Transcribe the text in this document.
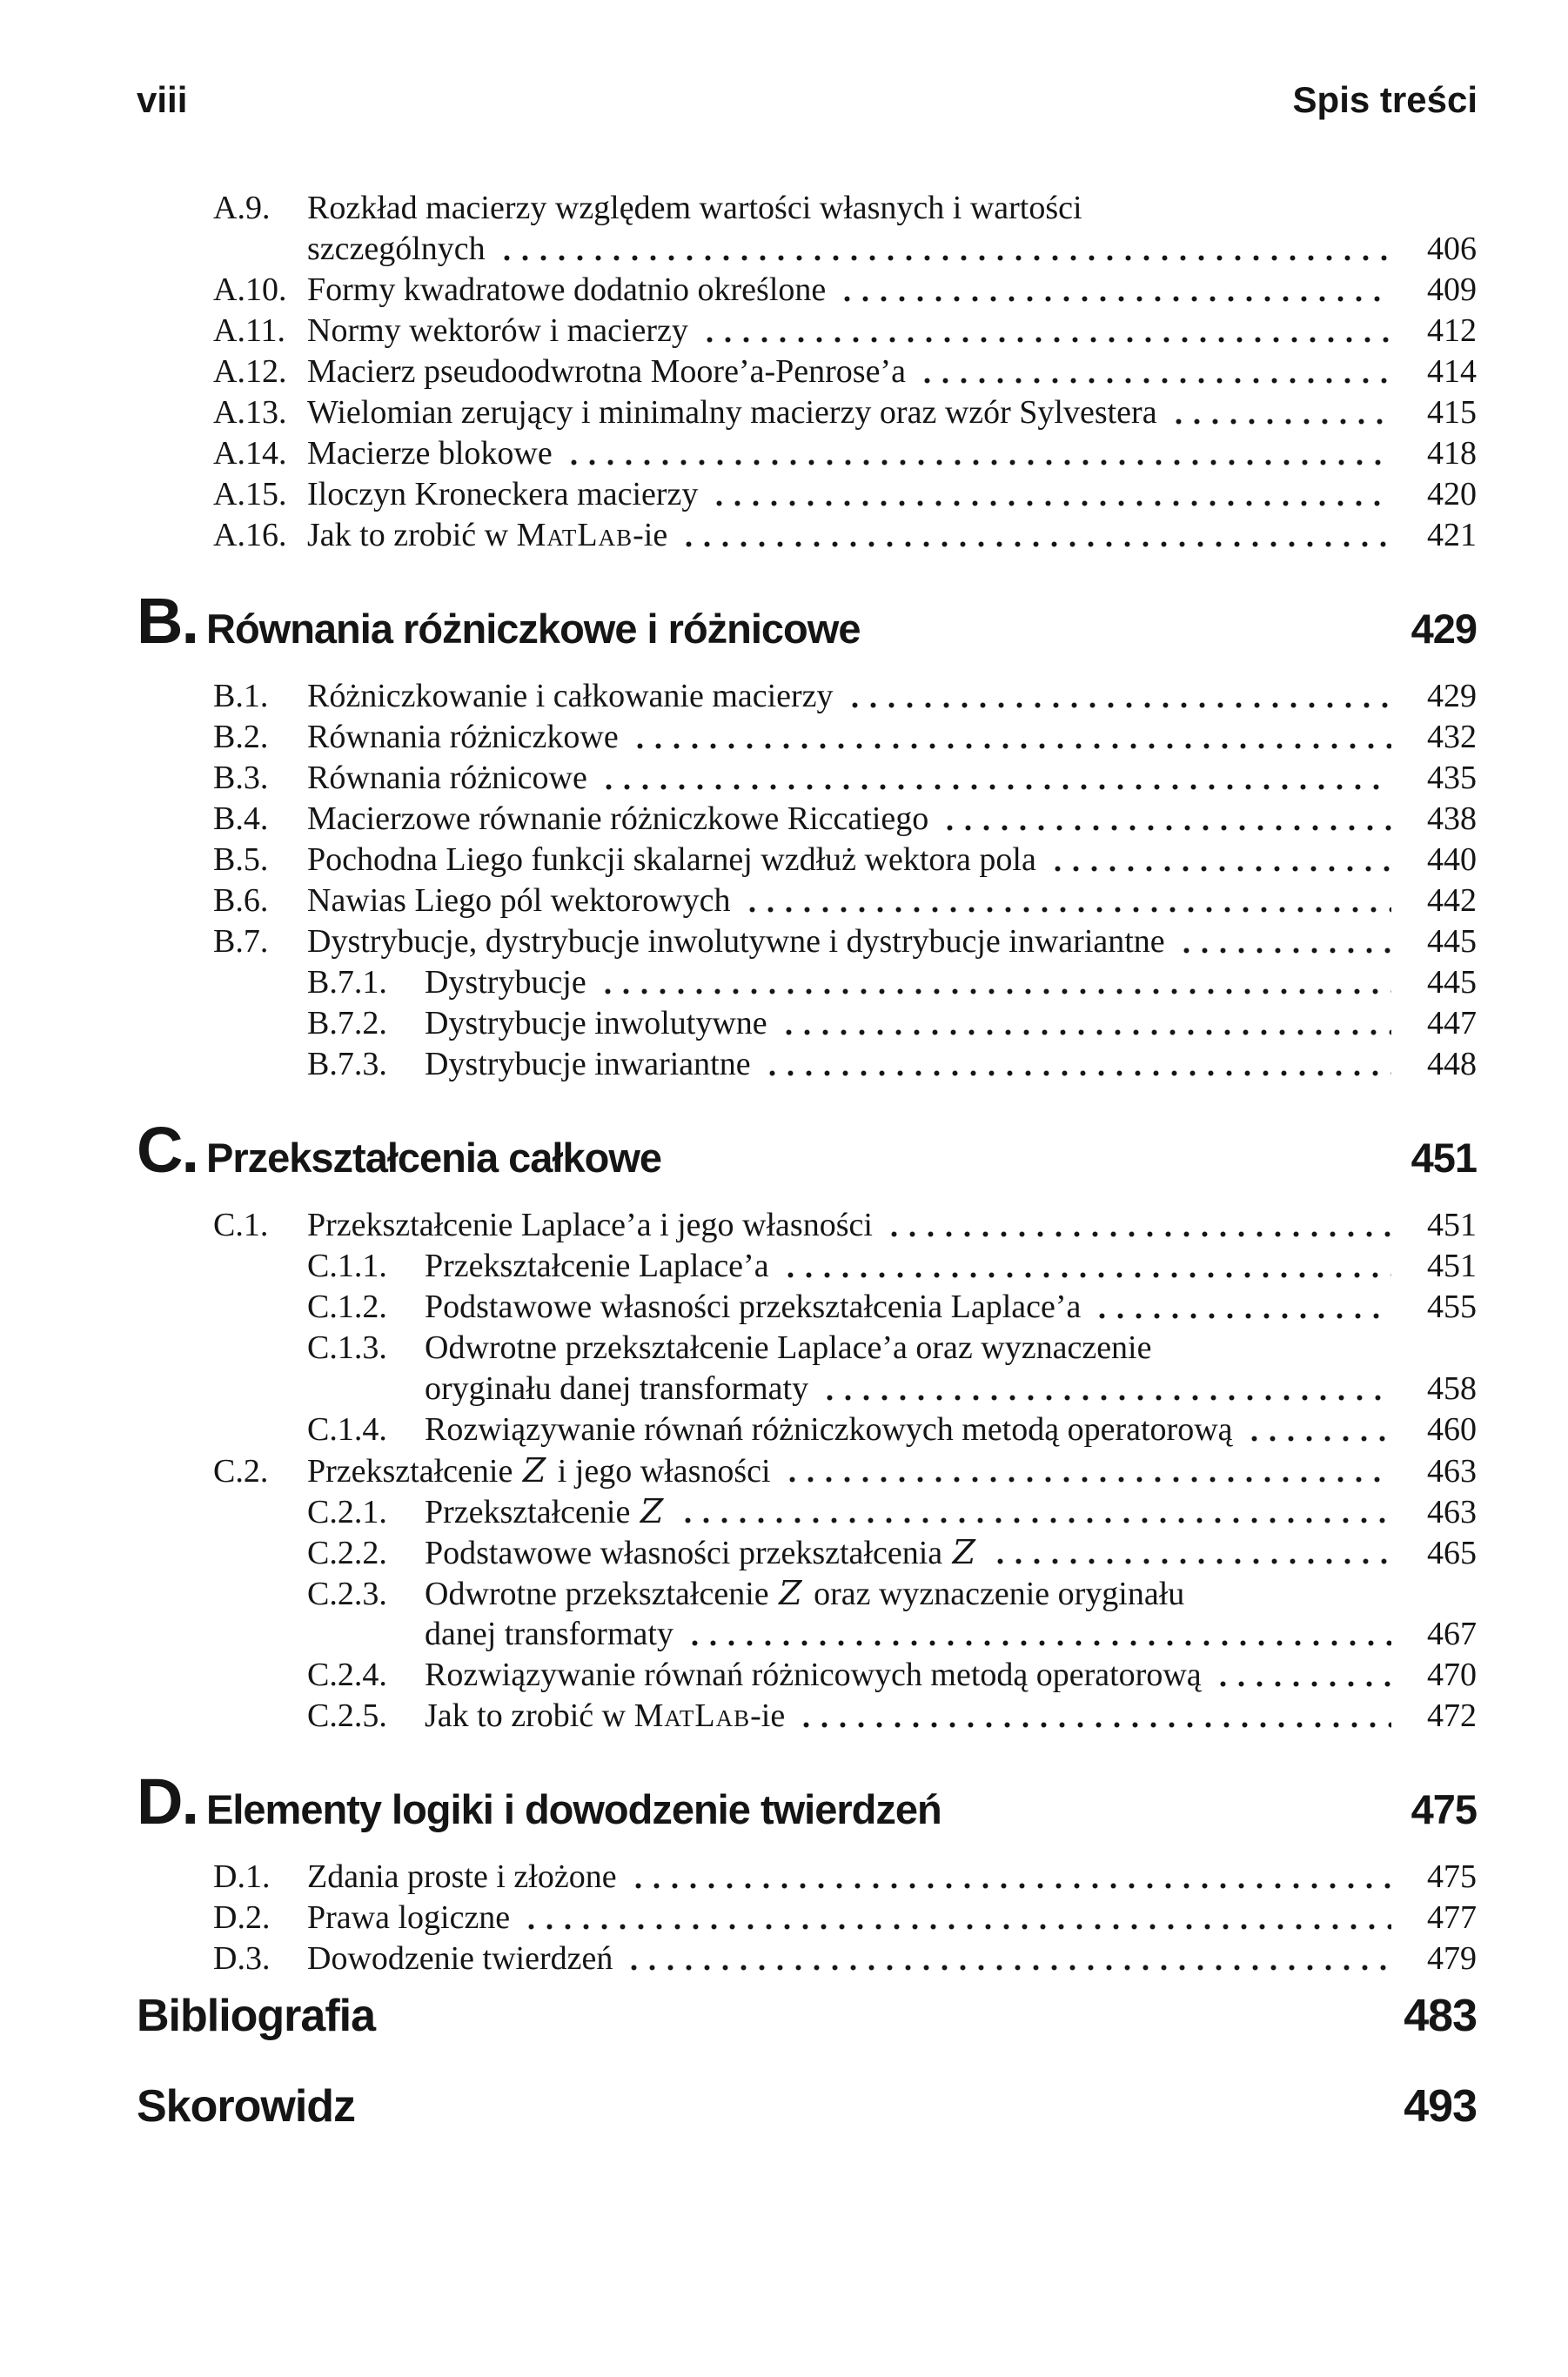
viii	Spis treści
A.9.	Rozkład macierzy względem wartości własnych i wartości
szczególnych	406
A.10. Formy kwadratowe dodatnio określone	409
A.11. Normy wektorów i macierzy	412
A.12. Macierz pseudoodwrotna Moore’a-Penrose’a	414
A.13. Wielomian zerujący i minimalny macierzy oraz wzór Sylvestera	415
A.14. Macierze blokowe	418
A.15. Iloczyn Kroneckera macierzy	420
A.16. Jak to zrobić w MatLab-ie	421
B. Równania różniczkowe i różnicowe	429
B.1.	Różniczkowanie i całkowanie macierzy	429
B.2.	Równania różniczkowe	432
B.3.	Równania różnicowe	435
B.4.	Macierzowe równanie różniczkowe Riccatiego	438
B.5.	Pochodna Liego funkcji skalarnej wzdłuż wektora pola	440
B.6.	Nawias Liego pól wektorowych	442
B.7.	Dystrybucje, dystrybucje inwolutywne i dystrybucje inwariantne	445
B.7.1.	Dystrybucje	445
B.7.2.	Dystrybucje inwolutywne	447
B.7.3.	Dystrybucje inwariantne	448
C. Przekształcenia całkowe	451
C.1.	Przekształcenie Laplace’a i jego własności	451
C.1.1.	Przekształcenie Laplace’a	451
C.1.2.	Podstawowe własności przekształcenia Laplace’a	455
C.1.3.	Odwrotne przekształcenie Laplace’a oraz wyznaczenie
oryginału danej transformaty	458
C.1.4.	Rozwiązywanie równań różniczkowych metodą operatorową	460
C.2.	Przekształcenie Z i jego własności	463
C.2.1.	Przekształcenie Z	463
C.2.2.	Podstawowe własności przekształcenia Z	465
C.2.3.	Odwrotne przekształcenie Z oraz wyznaczenie oryginału
danej transformaty	467
C.2.4.	Rozwiązywanie równań różnicowych metodą operatorową	470
C.2.5.	Jak to zrobić w MatLab-ie	472
D. Elementy logiki i dowodzenie twierdzeń	475
D.1.	Zdania proste i złożone	475
D.2.	Prawa logiczne	477
D.3.	Dowodzenie twierdzeń	479
Bibliografia	483
Skorowidz	493
